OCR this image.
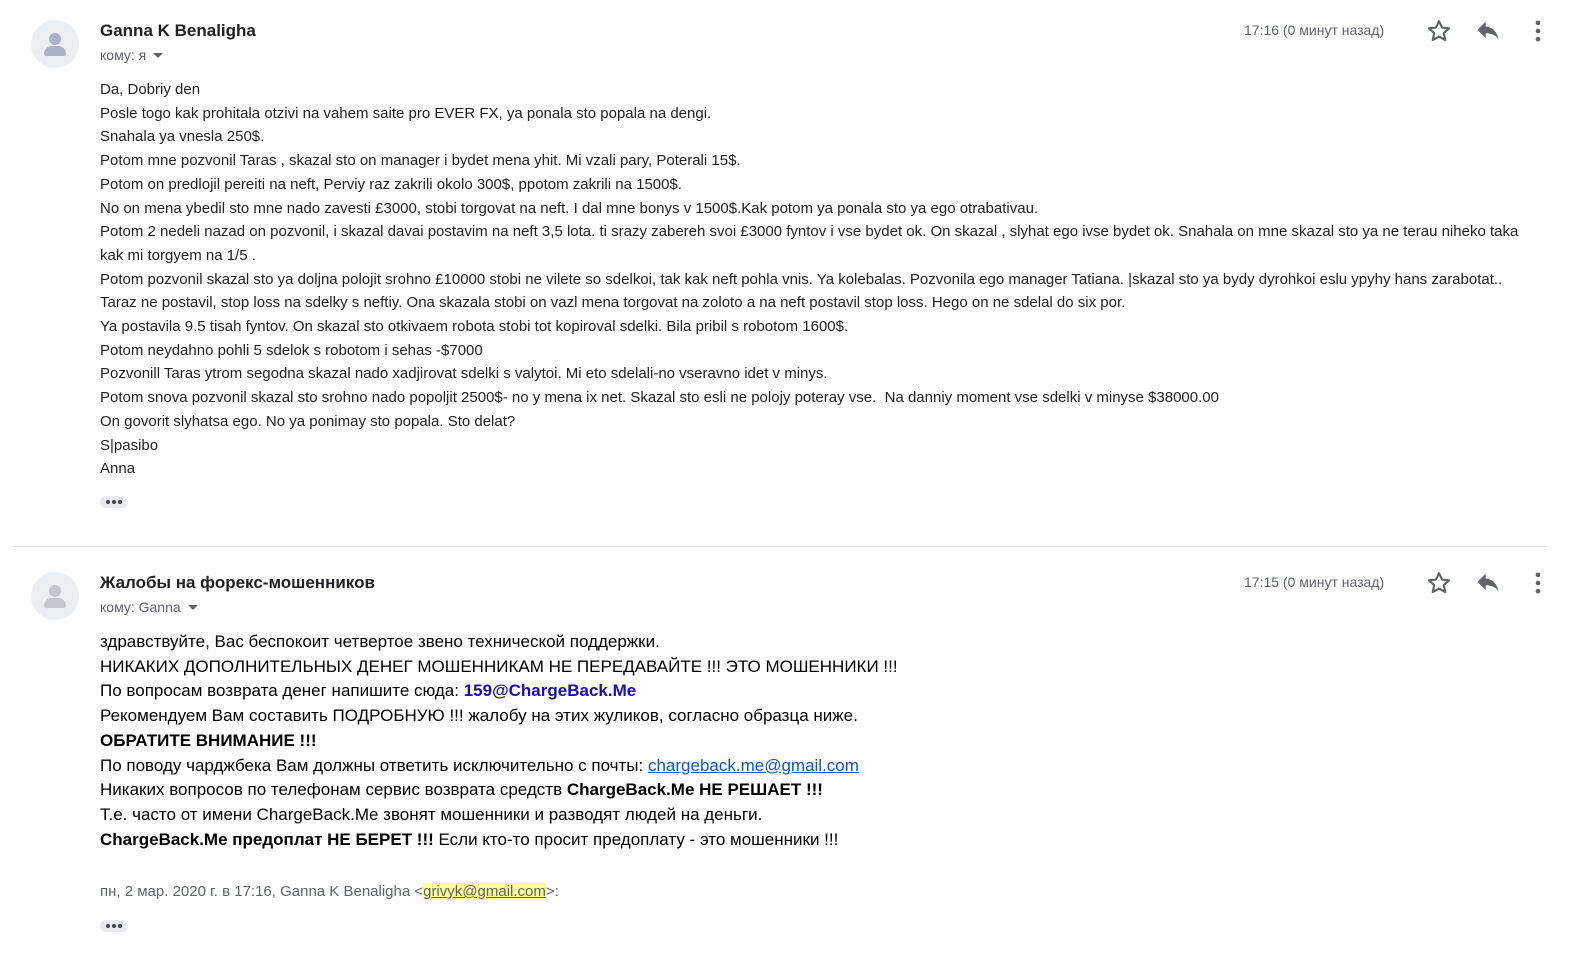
Ganna K Benaligha
кому: я
17:16 (0 минут назад)
Da, Dobriy den
Posle togo kak prohitala otzivi na vahem saite pro EVER FX, ya ponala sto popala na dengi.
Snahala ya vnesla 250$.
Potom mne pozvonil Taras , skazal sto on manager i bydet mena yhit. Mi vzali pary, Poterali 15$.
Potom on predlojil pereiti na neft, Perviy raz zakrili okolo 300$, ppotom zakrili na 1500$.
No on mena ybedil sto mne nado zavesti £3000, stobi torgovat na neft. I dal mne bonys v 1500$.Kak potom ya ponala sto ya ego otrabativau.
Potom 2 nedeli nazad on pozvonil, i skazal davai postavim na neft 3,5 lota. ti srazy zabereh svoi £3000 fyntov i vse bydet ok. On skazal , slyhat ego ivse bydet ok. Snahala on mne skazal sto ya ne terau niheko taka kak mi torgyem na 1/5 .
Potom pozvonil skazal sto ya doljna polojit srohno £10000 stobi ne vilete so sdelkoi, tak kak neft pohla vnis. Ya kolebalas. Pozvonila ego manager Tatiana. |skazal sto ya bydy dyrohkoi eslu ypyhy hans zarabotat.. Taraz ne postavil, stop loss na sdelky s neftiy. Ona skazala stobi on vazl mena torgovat na zoloto a na neft postavil stop loss. Hego on ne sdelal do six por.
Ya postavila 9.5 tisah fyntov. On skazal sto otkivaem robota stobi tot kopiroval sdelki. Bila pribil s robotom 1600$.
Potom neydahno pohli 5 sdelok s robotom i sehas -$7000
Pozvonill Taras ytrom segodna skazal nado xadjirovat sdelki s valytoi. Mi eto sdelali-no vseravno idet v minys.
Potom snova pozvonil skazal sto srohno nado popoljit 2500$- no y mena ix net. Skazal sto esli ne polojy poteray vse.  Na danniy moment vse sdelki v minyse $38000.00
On govorit slyhatsa ego. No ya ponimay sto popala. Sto delat?
S|pasibo
Anna
Жалобы на форекс-мошенников
кому: Ganna
17:15 (0 минут назад)
здравствуйте, Вас беспокоит четвертое звено технической поддержки.
НИКАКИХ ДОПОЛНИТЕЛЬНЫХ ДЕНЕГ МОШЕННИКАМ НЕ ПЕРЕДАВАЙТЕ !!! ЭТО МОШЕННИКИ !!!
По вопросам возврата денег напишите сюда: 159@ChargeBack.Me
Рекомендуем Вам составить ПОДРОБНУЮ !!! жалобу на этих жуликов, согласно образца ниже.
ОБРАТИТЕ ВНИМАНИЕ !!!
По поводу чарджбека Вам должны ответить исключительно с почты: chargeback.me@gmail.com
Никаких вопросов по телефонам сервис возврата средств ChargeBack.Me НЕ РЕШАЕТ !!!
Т.е. часто от имени ChargeBack.Me звонят мошенники и разводят людей на деньги.
ChargeBack.Me предоплат НЕ БЕРЕТ !!! Если кто-то просит предоплату - это мошенники !!!
пн, 2 мар. 2020 г. в 17:16, Ganna K Benaligha <grivyk@gmail.com>:
